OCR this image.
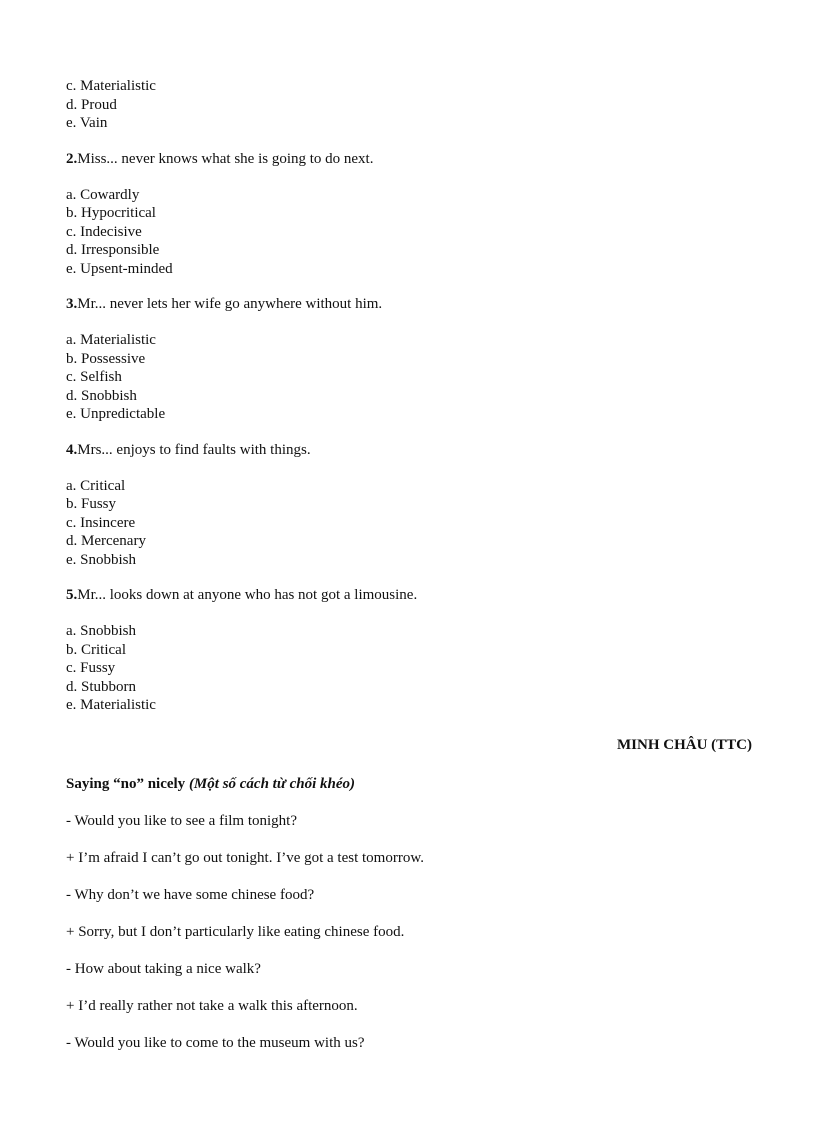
c. Materialistic
d. Proud
e. Vain
2.Miss... never knows what she is going to do next.
a. Cowardly
b. Hypocritical
c. Indecisive
d. Irresponsible
e. Upsent-minded
3.Mr... never lets her wife go anywhere without him.
a. Materialistic
b. Possessive
c. Selfish
d. Snobbish
e. Unpredictable
4.Mrs... enjoys to find faults with things.
a. Critical
b. Fussy
c. Insincere
d. Mercenary
e. Snobbish
5.Mr... looks down at anyone who has not got a limousine.
a. Snobbish
b. Critical
c. Fussy
d. Stubborn
e. Materialistic
MINH CHÂU (TTC)
Saying “no” nicely (Một số cách từ chối khéo)
- Would you like to see a film tonight?
+ I’m afraid I can’t go out tonight. I’ve got a test tomorrow.
- Why don’t we have some chinese food?
+ Sorry, but I don’t particularly like eating chinese food.
- How about taking a nice walk?
+ I’d really rather not take a walk this afternoon.
- Would you like to come to the museum with us?
